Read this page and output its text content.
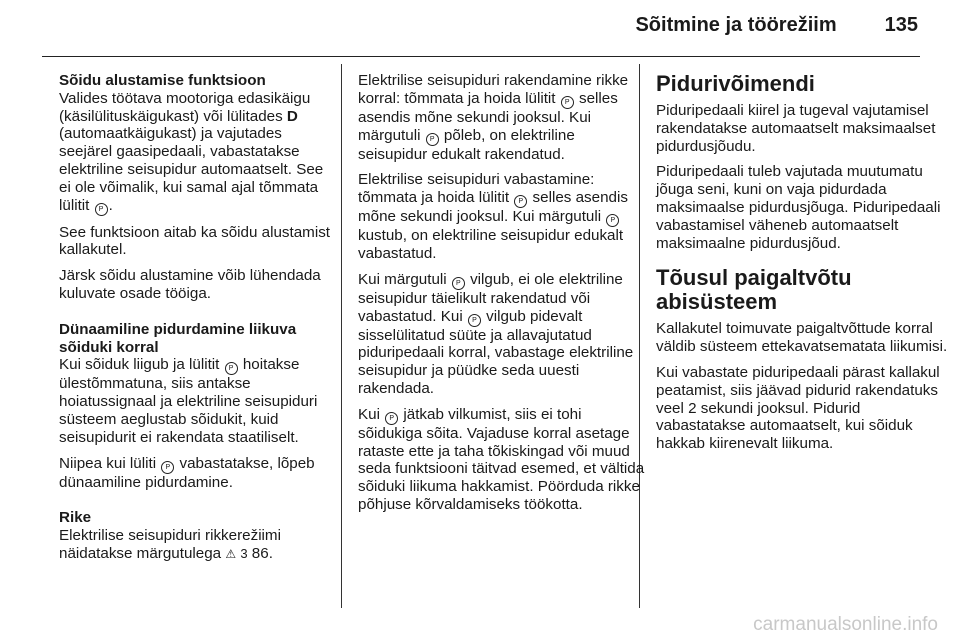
Sõitmine ja töörežiim 135
Sõidu alustamise funktsioon

Valides töötava mootoriga edasikäigu (käsilülituskäigukast) või lülitades D (automaatkäigukast) ja vajutades seejärel gaasipedaali, vabastatakse elektriline seisupidur automaatselt. See ei ole võimalik, kui samal ajal tõmmata lülitit P .

See funktsioon aitab ka sõidu alustamist kallakutel.

Järsk sõidu alustamine võib lühendada kuluvate osade tööiga.

Dünaamiline pidurdamine liikuva sõiduki korral

Kui sõiduk liigub ja lülitit P hoitakse ülestõmmatuna, siis antakse hoiatussignaal ja elektriline seisupiduri süsteem aeglustab sõidukit, kuid seisupidurit ei rakendata staatiliselt.

Niipea kui lüliti P vabastatakse, lõpeb dünaamiline pidurdamine.

Rike

Elektrilise seisupiduri rikkerežiimi näidatakse märgutulega ⚠ 3 86.

Elektrilise seisupiduri rakendamine rikke korral: tõmmata ja hoida lülitit P selles asendis mõne sekundi jooksul. Kui märgutuli P põleb, on elektriline seisupidur edukalt rakendatud.

Elektrilise seisupiduri vabastamine: tõmmata ja hoida lülitit P selles asendis mõne sekundi jooksul. Kui märgutuli P kustub, on elektriline seisupidur edukalt vabastatud.

Kui märgutuli P vilgub, ei ole elektriline seisupidur täielikult rakendatud või vabastatud. Kui P vilgub pidevalt sisselülitatud süüte ja allavajutatud piduripedaali korral, vabastage elektriline seisupidur ja püüdke seda uuesti rakendada.

Kui P jätkab vilkumist, siis ei tohi sõidukiga sõita. Vajaduse korral asetage rataste ette ja taha tõkiskingad või muud seda funktsiooni täitvad esemed, et vältida sõiduki liikuma hakkamist. Pöörduda rikke põhjuse kõrvaldamiseks töökotta.

Pidurivõimendi

Piduripedaali kiirel ja tugeval vajutamisel rakendatakse automaatselt maksimaalset pidurdusjõudu.

Piduripedaali tuleb vajutada muutumatu jõuga seni, kuni on vaja pidurdada maksimaalse pidurdusjõuga. Piduripedaali vabastamisel väheneb automaatselt maksimaalne pidurdusjõud.

Tõusul paigaltvõtu abisüsteem

Kallakutel toimuvate paigaltvõttude korral väldib süsteem ettekavatsematata liikumisi.

Kui vabastate piduripedaali pärast kallakul peatamist, siis jäävad pidurid rakendatuks veel 2 sekundi jooksul. Pidurid vabastatakse automaatselt, kui sõiduk hakkab kiirenevalt liikuma.

carmanualsonline.info
